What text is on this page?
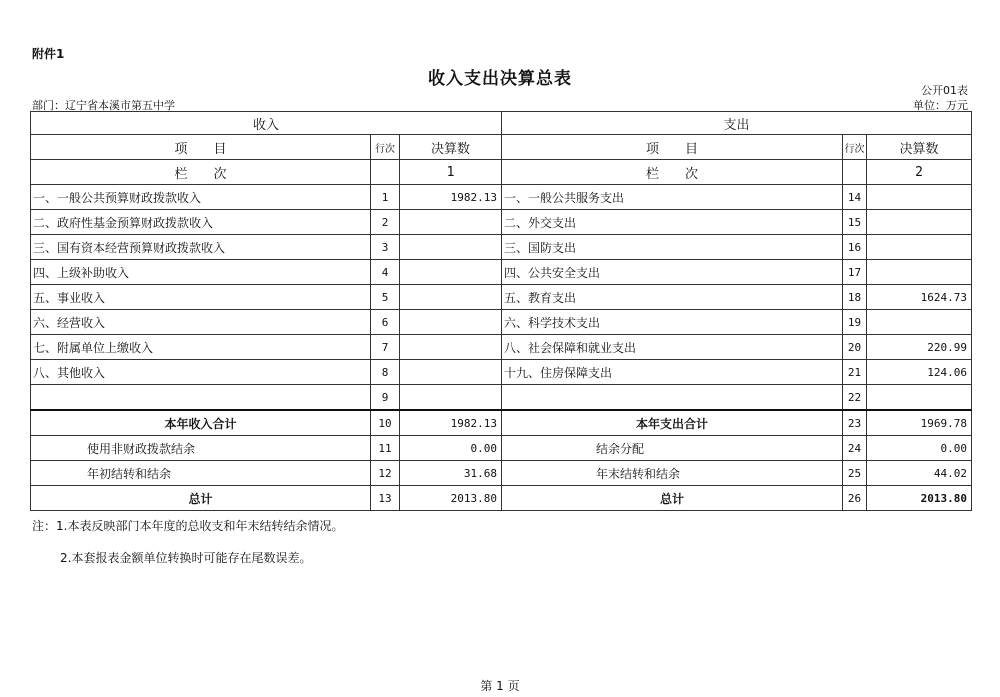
附件1
收入支出决算总表
公开01表
部门：辽宁省本溪市第五中学	单位：万元
收入			支出		
项　　目	行次	决算数	项　　目	行次	决算数
栏　　次		1	栏　　次		2
一、一般公共预算财政拨款收入	1	1982.13	一、一般公共服务支出	14	
二、政府性基金预算财政拨款收入	2		二、外交支出	15	
三、国有资本经营预算财政拨款收入	3		三、国防支出	16	
四、上级补助收入	4		四、公共安全支出	17	
五、事业收入	5		五、教育支出	18	1624.73
六、经营收入	6		六、科学技术支出	19	
七、附属单位上缴收入	7		八、社会保障和就业支出	20	220.99
八、其他收入	8		十九、住房保障支出	21	124.06
	9			22	
本年收入合计	10	1982.13	本年支出合计	23	1969.78
使用非财政拨款结余	11	0.00	结余分配	24	0.00
年初结转和结余	12	31.68	年末结转和结余	25	44.02
总计	13	2013.80	总计	26	2013.80
注：1.本表反映部门本年度的总收支和年末结转结余情况。
2.本套报表金额单位转换时可能存在尾数误差。
第 1 页
